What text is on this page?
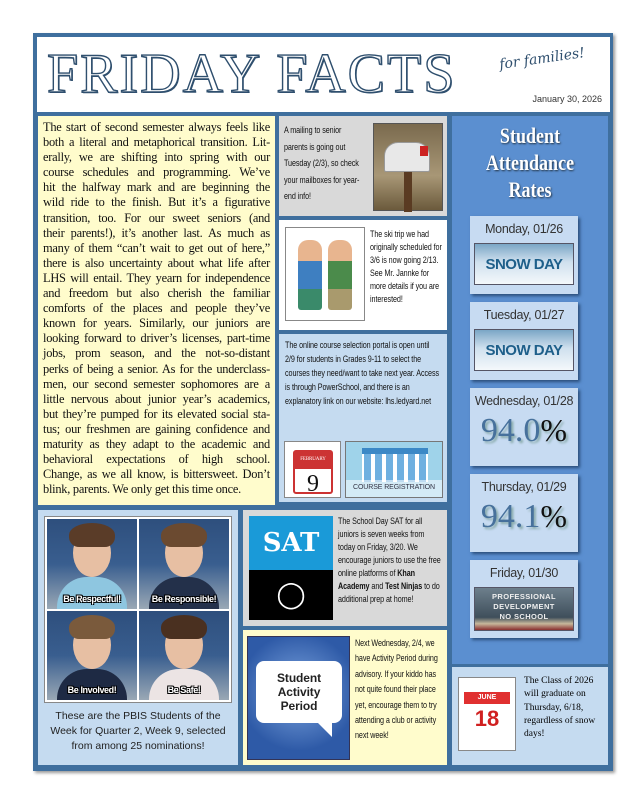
FRIDAY FACTS	for families!
January 30, 2026
The start of second semester always feels like
both a literal and metaphorical transition. Lit-
erally, we are shifting into spring with our
course schedules and programming. We’ve
hit the halfway mark and are beginning the
wild ride to the finish. But it’s a figurative
transition, too. For our sweet seniors (and
their parents!), it’s another last. As much as
many of them “can’t wait to get out of here,”
there is also uncertainty about what life after
LHS will entail. They yearn for independence
and freedom but also cherish the familiar
comforts of the places and people they’ve
known for years. Similarly, our juniors are
looking forward to driver’s licenses, part-time
jobs, prom season, and the not-so-distant
perks of being a senior. As for the underclass-
men, our second semester sophomores are a
little nervous about junior year’s academics,
but they’re pumped for its elevated social sta-
tus; our freshmen are gaining confidence and
maturity as they adapt to the academic and
behavioral expectations of high school.
Change, as we all know, is bittersweet. Don’t
blink, parents. We only get this time once.

A mailing to senior parents is going out Tuesday (2/3), so check your mailboxes for year-end info!

The ski trip we had originally scheduled for 3/6 is now going 2/13. See Mr. Jannke for more details if you are interested!

The online course selection portal is open until 2/9 for students in Grades 9-11 to select the courses they need/want to take next year. Access is through PowerSchool, and there is an explanatory link on our website: lhs.ledyard.net

FEBRUARY
9	COURSE REGISTRATION
Student
Attendance
Rates
Monday, 01/26
SNOW DAY
Tuesday, 01/27
SNOW DAY
Wednesday, 01/28
94.0%
Thursday, 01/29
94.1%
Friday, 01/30
PROFESSIONAL
DEVELOPMENT
NO SCHOOL
JUNE
18

The Class of 2026 will graduate on Thursday, 6/18, regardless of snow days!

Be Respectful!	Be Responsible!
Be Involved!	Be Safe!

These are the PBIS Students of the Week for Quarter 2, Week 9, selected from among 25 nominations!

SAT
◯

The School Day SAT for all juniors is seven weeks from today on Friday, 3/20. We encourage juniors to use the free online platforms of Khan Academy and Test Ninjas to do additional prep at home!

Student
Activity
Period

Next Wednesday, 2/4, we have Activity Period during advisory. If your kiddo has not quite found their place yet, encourage them to try attending a club or activity next week!
